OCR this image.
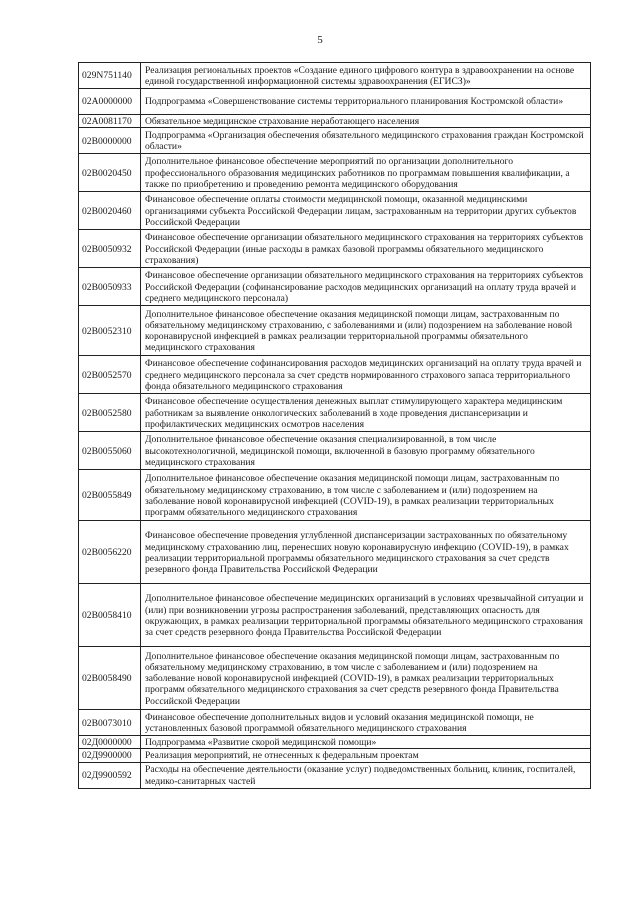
5
029N751140	Реализация региональных проектов «Создание единого цифрового контура в здравоохранении на основе единой государственной информационной системы здравоохранения (ЕГИСЗ)»
02A0000000	Подпрограмма «Совершенствование системы территориального планирования Костромской области»
02A0081170	Обязательное медицинское страхование неработающего населения
02B0000000	Подпрограмма «Организация обеспечения обязательного медицинского страхования граждан Костромской области»
02B0020450	Дополнительное финансовое обеспечение мероприятий по организации дополнительного профессионального образования медицинских работников по программам повышения квалификации, а также по приобретению и проведению ремонта медицинского оборудования
02B0020460	Финансовое обеспечение оплаты стоимости медицинской помощи, оказанной медицинскими организациями субъекта Российской Федерации лицам, застрахованным на территории других субъектов Российской Федерации
02B0050932	Финансовое обеспечение организации обязательного медицинского страхования на территориях субъектов Российской Федерации (иные расходы в рамках базовой программы обязательного медицинского страхования)
02B0050933	Финансовое обеспечение организации обязательного медицинского страхования на территориях субъектов Российской Федерации (софинансирование расходов медицинских организаций на оплату труда врачей и среднего медицинского персонала)
02B0052310	Дополнительное финансовое обеспечение оказания медицинской помощи лицам, застрахованным по обязательному медицинскому страхованию, с заболеваниями и (или) подозрением на заболевание новой коронавирусной инфекцией в рамках реализации территориальной программы обязательного медицинского страхования
02B0052570	Финансовое обеспечение софинансирования расходов медицинских организаций на оплату труда врачей и среднего медицинского персонала за счет средств нормированного страхового запаса территориального фонда обязательного медицинского страхования
02B0052580	Финансовое обеспечение осуществления денежных выплат стимулирующего характера медицинским работникам за выявление онкологических заболеваний в ходе проведения диспансеризации и профилактических медицинских осмотров населения
02B0055060	Дополнительное финансовое обеспечение оказания специализированной, в том числе высокотехнологичной, медицинской помощи, включенной в базовую программу обязательного медицинского страхования
02B0055849	Дополнительное финансовое обеспечение оказания медицинской помощи лицам, застрахованным по обязательному медицинскому страхованию, в том числе с заболеванием и (или) подозрением на заболевание новой коронавирусной инфекцией (COVID-19), в рамках реализации территориальных программ обязательного медицинского страхования
02B0056220	Финансовое обеспечение проведения углубленной диспансеризации застрахованных по обязательному медицинскому страхованию лиц, перенесших новую коронавирусную инфекцию (COVID-19), в рамках реализации территориальной программы обязательного медицинского страхования за счет средств резервного фонда Правительства Российской Федерации
02B0058410	Дополнительное финансовое обеспечение медицинских организаций в условиях чрезвычайной ситуации и (или) при возникновении угрозы распространения заболеваний, представляющих опасность для окружающих, в рамках реализации территориальной программы обязательного медицинского страхования за счет средств резервного фонда Правительства Российской Федерации
02B0058490	Дополнительное финансовое обеспечение оказания медицинской помощи лицам, застрахованным по обязательному медицинскому страхованию, в том числе с заболеванием и (или) подозрением на заболевание новой коронавирусной инфекцией (COVID-19), в рамках реализации территориальных программ обязательного медицинского страхования за счет средств резервного фонда Правительства Российской Федерации
02B0073010	Финансовое обеспечение дополнительных видов и условий оказания медицинской помощи, не установленных базовой программой обязательного медицинского страхования
02Д0000000	Подпрограмма «Развитие скорой медицинской помощи»
02Д9900000	Реализация мероприятий, не отнесенных к федеральным проектам
02Д9900592	Расходы на обеспечение деятельности (оказание услуг) подведомственных больниц, клиник, госпиталей, медико-санитарных частей
